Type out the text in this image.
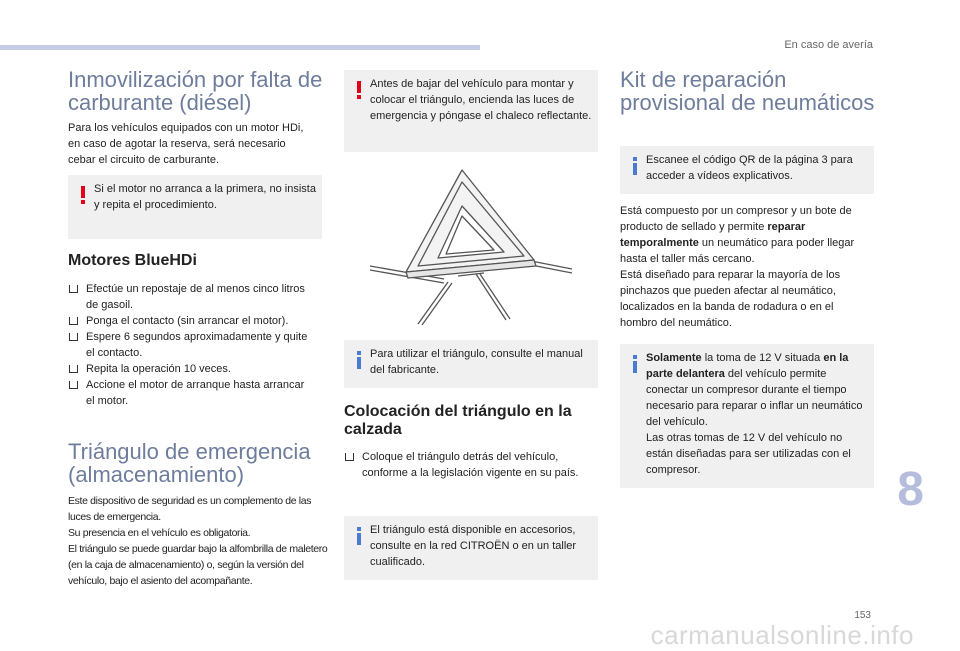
En caso de avería
8
153
carmanualsonline.info
Inmovilización por falta de carburante (diésel)

Para los vehículos equipados con un motor HDi, en caso de agotar la reserva, será necesario cebar el circuito de carburante.

Si el motor no arranca a la primera, no insista y repita el procedimiento.
Motores BlueHDi
Efectúe un repostaje de al menos cinco litros de gasoil.
Ponga el contacto (sin arrancar el motor).
Espere 6 segundos aproximadamente y quite el contacto.
Repita la operación 10 veces.
Accione el motor de arranque hasta arrancar el motor.
Triángulo de emergencia (almacenamiento)

Este dispositivo de seguridad es un complemento de las luces de emergencia.

Su presencia en el vehículo es obligatoria.

El triángulo se puede guardar bajo la alfombrilla de maletero (en la caja de almacenamiento) o, según la versión del vehículo, bajo el asiento del acompañante.

Antes de bajar del vehículo para montar y colocar el triángulo, encienda las luces de emergencia y póngase el chaleco reflectante.
Para utilizar el triángulo, consulte el manual del fabricante.
Colocación del triángulo en la calzada
Coloque el triángulo detrás del vehículo, conforme a la legislación vigente en su país.
El triángulo está disponible en accesorios, consulte en la red CITROËN o en un taller cualificado.
Kit de reparación provisional de neumáticos
Escanee el código QR de la página 3 para acceder a vídeos explicativos.

Está compuesto por un compresor y un bote de producto de sellado y permite reparar temporalmente un neumático para poder llegar hasta el taller más cercano.

Está diseñado para reparar la mayoría de los pinchazos que pueden afectar al neumático, localizados en la banda de rodadura o en el hombro del neumático.

Solamente la toma de 12 V situada en la parte delantera del vehículo permite conectar un compresor durante el tiempo necesario para reparar o inflar un neumático del vehículo.
Las otras tomas de 12 V del vehículo no están diseñadas para ser utilizadas con el compresor.
